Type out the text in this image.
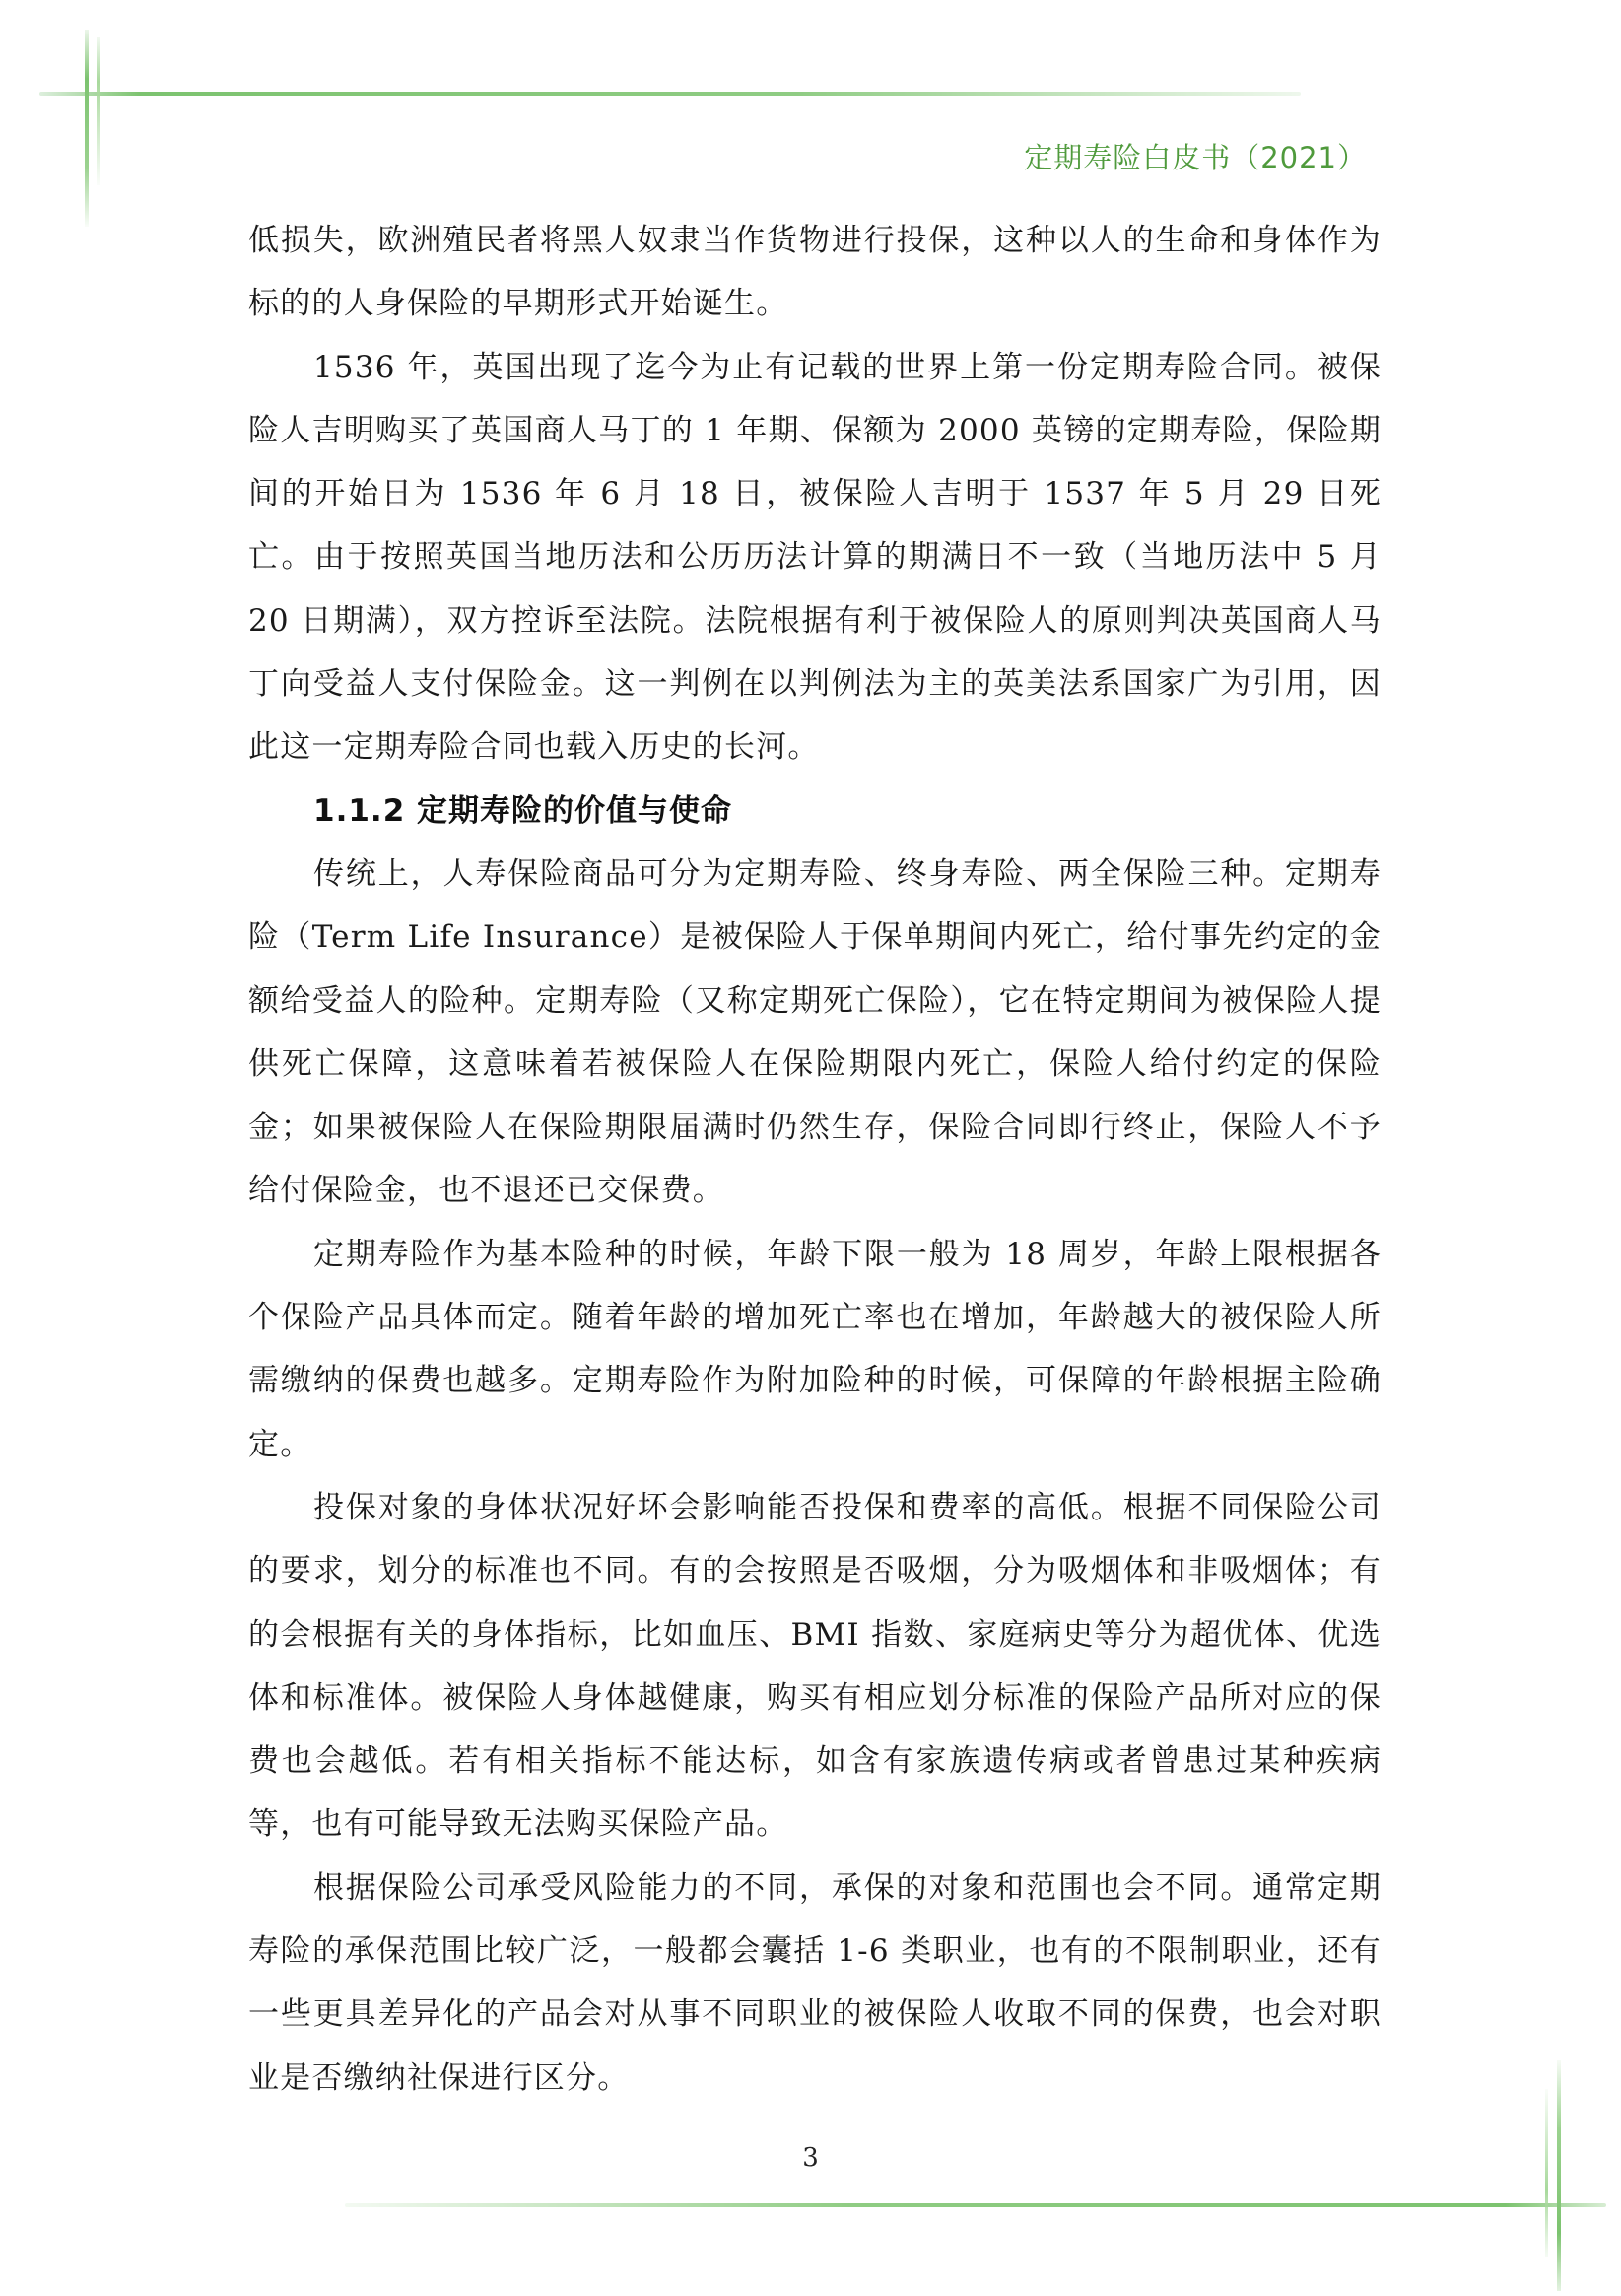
定期寿险白皮书（2021）

低损失，欧洲殖民者将黑人奴隶当作货物进行投保，这种以人的生命和身体作为标的的人身保险的早期形式开始诞生。

1536 年，英国出现了迄今为止有记载的世界上第一份定期寿险合同。被保险人吉明购买了英国商人马丁的 1 年期、保额为 2000 英镑的定期寿险，保险期间的开始日为 1536 年 6 月 18 日，被保险人吉明于 1537 年 5 月 29 日死亡。由于按照英国当地历法和公历历法计算的期满日不一致（当地历法中 5 月 20 日期满），双方控诉至法院。法院根据有利于被保险人的原则判决英国商人马丁向受益人支付保险金。这一判例在以判例法为主的英美法系国家广为引用，因此这一定期寿险合同也载入历史的长河。

1.1.2 定期寿险的价值与使命

传统上，人寿保险商品可分为定期寿险、终身寿险、两全保险三种。定期寿险（Term Life Insurance）是被保险人于保单期间内死亡，给付事先约定的金额给受益人的险种。定期寿险（又称定期死亡保险），它在特定期间为被保险人提供死亡保障，这意味着若被保险人在保险期限内死亡，保险人给付约定的保险金；如果被保险人在保险期限届满时仍然生存，保险合同即行终止，保险人不予给付保险金，也不退还已交保费。

定期寿险作为基本险种的时候，年龄下限一般为 18 周岁，年龄上限根据各个保险产品具体而定。随着年龄的增加死亡率也在增加，年龄越大的被保险人所需缴纳的保费也越多。定期寿险作为附加险种的时候，可保障的年龄根据主险确定。

投保对象的身体状况好坏会影响能否投保和费率的高低。根据不同保险公司的要求，划分的标准也不同。有的会按照是否吸烟，分为吸烟体和非吸烟体；有的会根据有关的身体指标，比如血压、BMI 指数、家庭病史等分为超优体、优选体和标准体。被保险人身体越健康，购买有相应划分标准的保险产品所对应的保费也会越低。若有相关指标不能达标，如含有家族遗传病或者曾患过某种疾病等，也有可能导致无法购买保险产品。

根据保险公司承受风险能力的不同，承保的对象和范围也会不同。通常定期寿险的承保范围比较广泛，一般都会囊括 1-6 类职业，也有的不限制职业，还有一些更具差异化的产品会对从事不同职业的被保险人收取不同的保费，也会对职业是否缴纳社保进行区分。

3
